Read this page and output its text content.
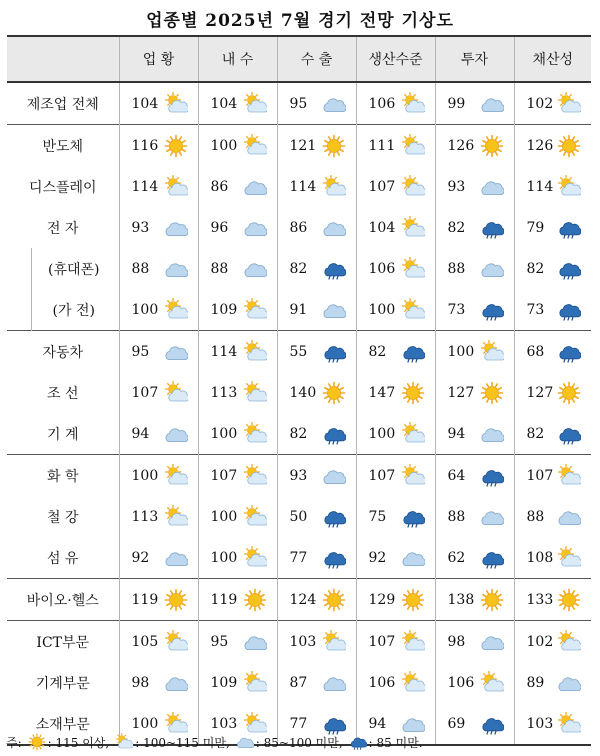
업종별 2025년 7월 경기 전망 기상도
	업 황	내 수	수 출	생산수준	투자	채산성
제조업 전체	104	104	95	106	99	102

반도체	116	100	121	111	126	126

디스플레이	114	86	114	107	93	114

전 자	93	96	86	104	82	79

(휴대폰)	88	88	82	106	88	82

(가 전)	100	109	91	100	73	73

자동차	95	114	55	82	100	68

조 선	107	113	140	147	127	127

기 계	94	100	82	100	94	82

화 학	100	107	93	107	64	107

철 강	113	100	50	75	88	88

섬 유	92	100	77	92	62	108

바이오·헬스	119	119	124	129	138	133

ICT부문	105	95	103	107	98	102

기계부문	98	109	87	106	106	89

소재부문	100	103	77	94	69	103
주: : 115 이상, : 100~115 미만, : 85~100 미만, : 85 미만.
